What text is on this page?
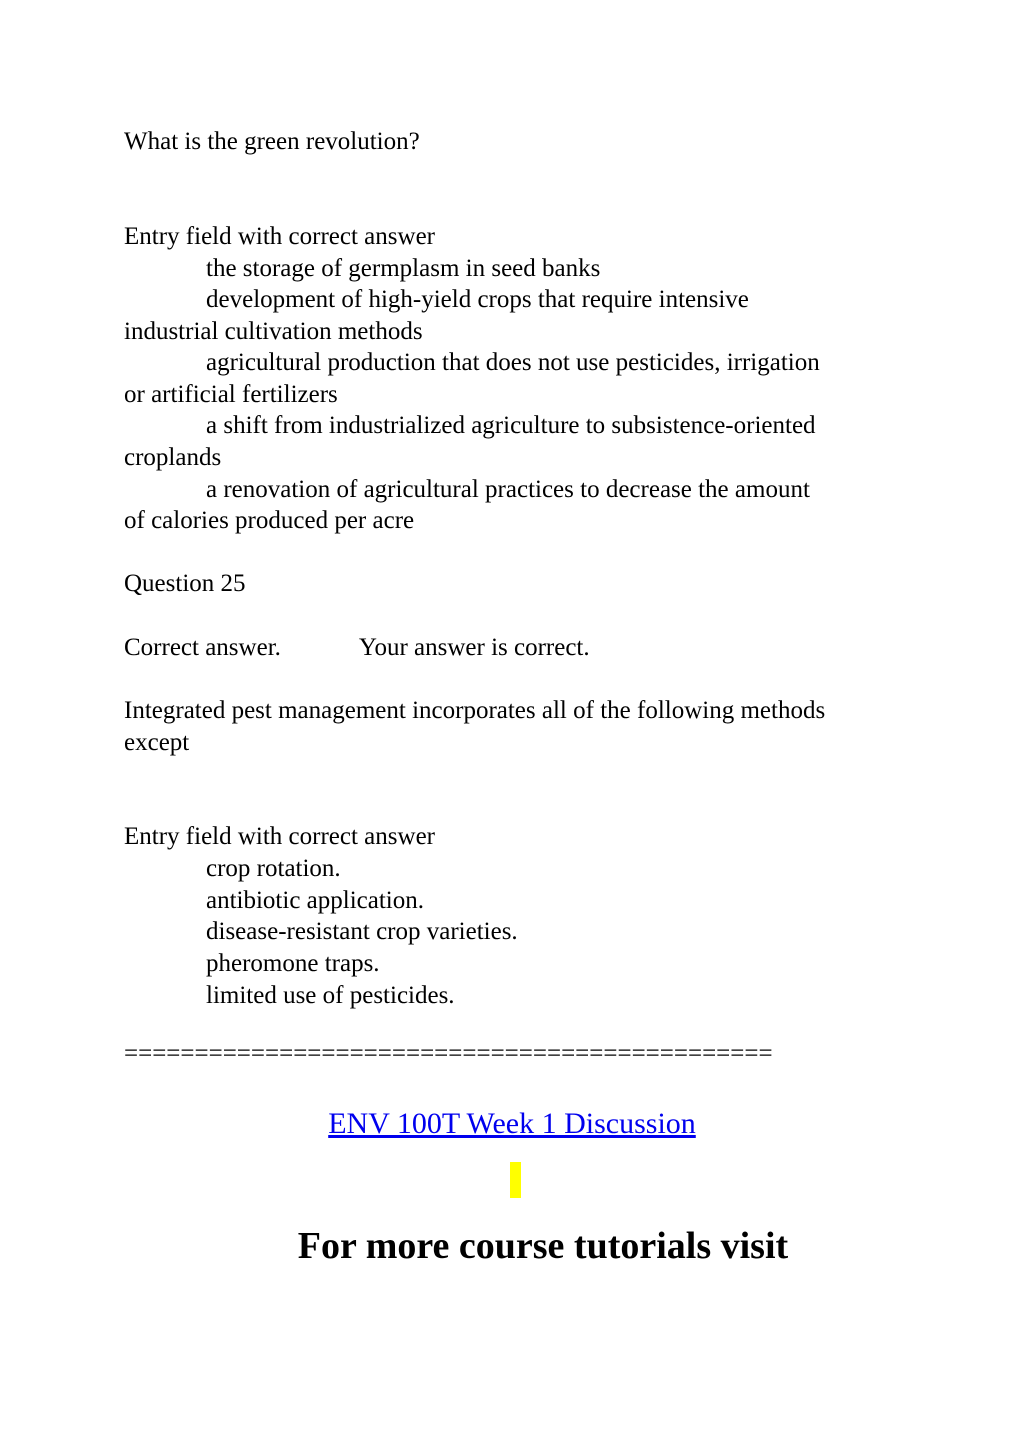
What is the green revolution?
Entry field with correct answer
the storage of germplasm in seed banks
development of high-yield crops that require intensive
industrial cultivation methods
agricultural production that does not use pesticides, irrigation
or artificial fertilizers
a shift from industrialized agriculture to subsistence-oriented
croplands
a renovation of agricultural practices to decrease the amount
of calories produced per acre
Question 25
Correct answer.	Your answer is correct.
Integrated pest management incorporates all of the following methods
except
Entry field with correct answer
crop rotation.
antibiotic application.
disease-resistant crop varieties.
pheromone traps.
limited use of pesticides.
==============================================
ENV 100T Week 1 Discussion
For more course tutorials visit
